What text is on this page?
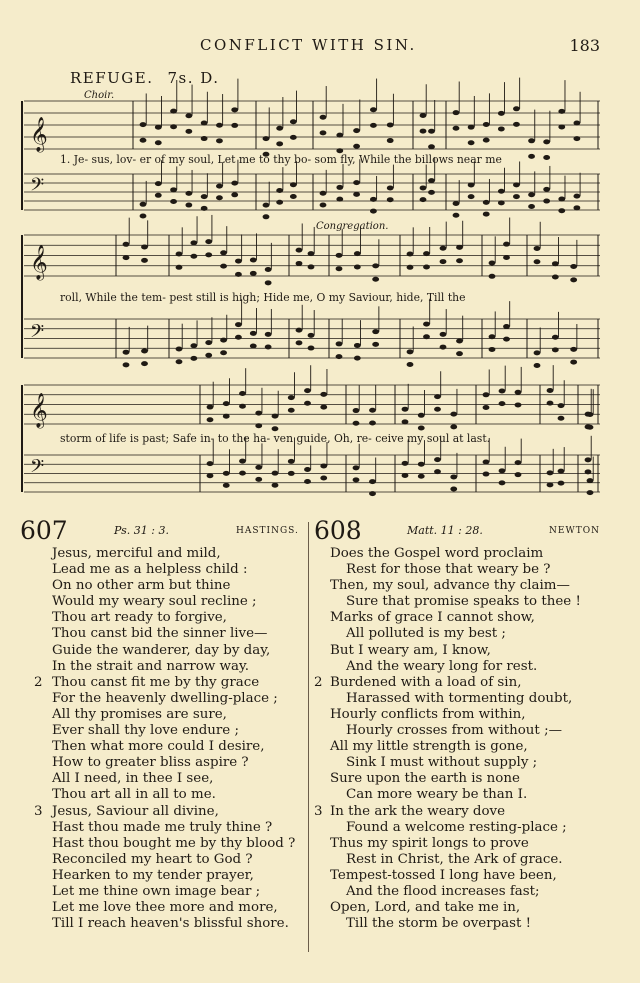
CONFLICT WITH SIN.	183
REFUGE. 7s. D.
Choir.
Congregation.
𝄞
𝄢
𝄞
𝄢
𝄞
𝄢
1. Je- sus, lov- er of my soul, Let me to thy bo- som fly, While the billows near me
roll, While the tem- pest still is high; Hide me, O my Saviour, hide, Till the
storm of life is past; Safe in- to the ha- ven guide, Oh, re- ceive my soul at last.
607	Ps. 31 : 3.	HASTINGS.
Jesus, merciful and mild,
Lead me as a helpless child :
On no other arm but thine
Would my weary soul recline ;
Thou art ready to forgive,
Thou canst bid the sinner live—
Guide the wanderer, day by day,
In the strait and narrow way.
2 Thou canst fit me by thy grace
For the heavenly dwelling-place ;
All thy promises are sure,
Ever shall thy love endure ;
Then what more could I desire,
How to greater bliss aspire ?
All I need, in thee I see,
Thou art all in all to me.
3 Jesus, Saviour all divine,
Hast thou made me truly thine ?
Hast thou bought me by thy blood ?
Reconciled my heart to God ?
Hearken to my tender prayer,
Let me thine own image bear ;
Let me love thee more and more,
Till I reach heaven's blissful shore.
608	Matt. 11 : 28.	NEWTON
Does the Gospel word proclaim
Rest for those that weary be ?
Then, my soul, advance thy claim—
Sure that promise speaks to thee !
Marks of grace I cannot show,
All polluted is my best ;
But I weary am, I know,
And the weary long for rest.
2 Burdened with a load of sin,
Harassed with tormenting doubt,
Hourly conflicts from within,
Hourly crosses from without ;—
All my little strength is gone,
Sink I must without supply ;
Sure upon the earth is none
Can more weary be than I.
3 In the ark the weary dove
Found a welcome resting-place ;
Thus my spirit longs to prove
Rest in Christ, the Ark of grace.
Tempest-tossed I long have been,
And the flood increases fast;
Open, Lord, and take me in,
Till the storm be overpast !
